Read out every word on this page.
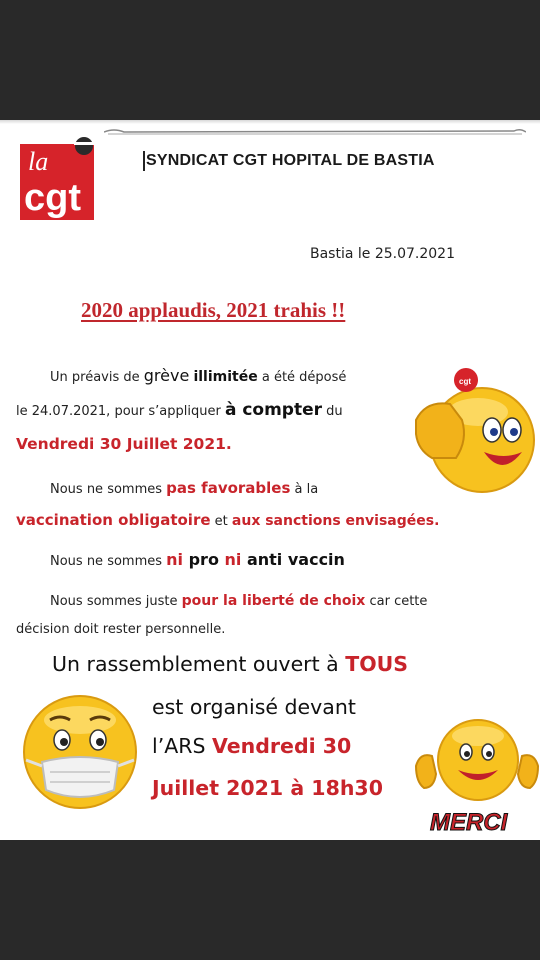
la
cgt
SYNDICAT CGT HOPITAL DE BASTIA
Bastia le 25.07.2021
2020 applaudis, 2021 trahis !!
Un préavis de grève illimitée a été déposé
le 24.07.2021, pour s’appliquer à compter du
Vendredi 30 Juillet 2021.
Nous ne sommes pas favorables à la
vaccination obligatoire et aux sanctions envisagées.
Nous ne sommes ni pro ni anti vaccin
Nous sommes juste pour la liberté de choix car cette
décision doit rester personnelle.
Un rassemblement ouvert à TOUS
est organisé devant
l’ARS Vendredi 30
Juillet 2021 à 18h30
cgt
MERCI
